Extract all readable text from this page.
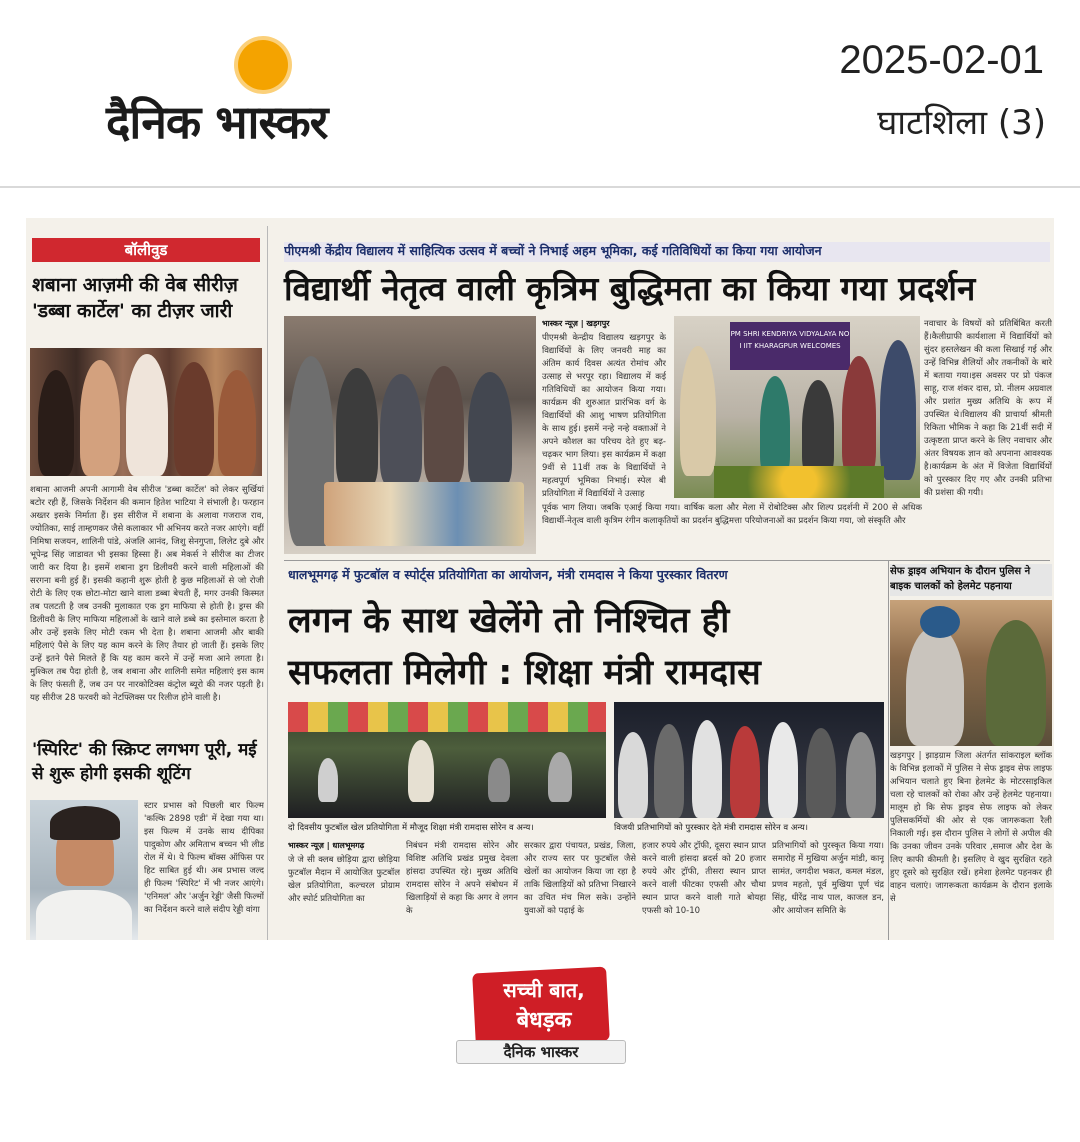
दैनिक भास्कर
2025-02-01
घाटशिला (3)
बॉलीवुड
शबाना आज़मी की वेब सीरीज़ 'डब्बा कार्टेल' का टीज़र जारी
शबाना आजमी अपनी आगामी वेब सीरीज 'डब्बा कार्टेल' को लेकर सुर्खियां बटोर रही हैं, जिसके निर्देशन की कमान हितेश भाटिया ने संभाली है। फरहान अख्तर इसके निर्माता हैं। इस सीरीज में शबाना के अलावा गजराज राव, ज्योतिका, साई ताम्हणकर जैसे कलाकार भी अभिनय करते नजर आएंगे। वहीं निमिषा सजयन, शालिनी पांडे, अंजलि आनंद, जिशु सेनगुप्ता, लिलेट दुबे और भूपेन्द्र सिंह जाडावत भी इसका हिस्सा हैं। अब मेकर्स ने सीरीज का टीजर जारी कर दिया है। इसमें शबाना ड्रग डिलीवरी करने वाली महिलाओं की सरगना बनी हुई हैं। इसकी कहानी शुरू होती है कुछ महिलाओं से जो रोजी रोटी के लिए एक छोटा-मोटा खाने वाला डब्बा बेचती हैं, मगर उनकी किस्मत तब पलटती है जब उनकी मुलाकात एक ड्रग माफिया से होती है। ड्रग्स की डिलीवरी के लिए माफिया महिलाओं के खाने वाले डब्बे का इस्तेमाल करता है और उन्हें इसके लिए मोटी रकम भी देता है। शबाना आजमी और बाकी महिलाएं पैसे के लिए यह काम करने के लिए तैयार हो जाती हैं। इसके लिए उन्हें इतने पैसे मिलते हैं कि यह काम करने में उन्हें मजा आने लगता है। मुश्किल तब पैदा होती है, जब शबाना और शालिनी समेत महिलाएं इस काम के लिए फंसती हैं, जब उन पर नारकोटिक्स कंट्रोल ब्यूरो की नजर पड़ती है। यह सीरीज 28 फरवरी को नेटफ्लिक्स पर रिलीज होने वाली है।
'स्पिरिट' की स्क्रिप्ट लगभग पूरी, मई से शुरू होगी इसकी शूटिंग
स्टार प्रभास को पिछली बार फिल्म 'कल्कि 2898 एडी' में देखा गया था। इस फिल्म में उनके साथ दीपिका पादुकोण और अमिताभ बच्चन भी लीड रोल में थे। ये फिल्म बॉक्स ऑफिस पर हिट साबित हुई थी। अब प्रभास जल्द ही फिल्म 'स्पिरिट' में भी नजर आएंगे। 'एनिमल' और 'अर्जुन रेड्डी' जैसी फिल्मों का निर्देशन करने वाले संदीप रेड्डी वांगा
पीएमश्री केंद्रीय विद्यालय में साहित्यिक उत्सव में बच्चों ने निभाई अहम भूमिका, कई गतिविधियों का किया गया आयोजन
विद्यार्थी नेतृत्व वाली कृत्रिम बुद्धिमता का किया गया प्रदर्शन
भास्कर न्यूज़ | खड़गपुर
पीएमश्री केन्द्रीय विद्यालय खड़गपुर के विद्यार्थियों के लिए जनवरी माह का अंतिम कार्य दिवस अत्यंत रोमांच और उत्साह से भरपूर रहा। विद्यालय में कई गतिविधियों का आयोजन किया गया। कार्यक्रम की शुरुआत प्रारंभिक वर्ग के विद्यार्थियों की आशु भाषण प्रतियोगिता के साथ हुई। इसमें नन्हे नन्हे वक्ताओं ने अपने कौशल का परिचय देते हुए बढ़-चढ़कर भाग लिया। इस कार्यक्रम में कक्षा 9वीं से 11वीं तक के विद्यार्थियों ने महत्वपूर्ण भूमिका निभाई। स्पेल बी प्रतियोगिता में विद्यार्थियों ने उत्साह
PM SHRI KENDRIYA VIDYALAYA NO I IIT KHARAGPUR WELCOMES
पूर्वक भाग लिया। जबकि एआई किया गया। वार्षिक कला और मेला में रोबोटिक्स और शिल्प प्रदर्शनी में 200 से अधिक विद्यार्थी-नेतृत्व वाली कृत्रिम रंगीन कलाकृतियों का प्रदर्शन बुद्धिमत्ता परियोजनाओं का प्रदर्शन किया गया, जो संस्कृति और
नवाचार के विषयों को प्रतिबिंबित करती हैं।कैलीग्राफी कार्यशाला में विद्यार्थियों को सुंदर हस्तलेखन की कला सिखाई गई और उन्हें विभिन्न शैलियों और तकनीकों के बारे में बताया गया।इस अवसर पर प्रो पंकज साहू, राज शंकर दास, प्रो. नीलम अग्रवाल और प्रशांत मुख्य अतिथि के रूप में उपस्थित थे।विद्यालय की प्राचार्या श्रीमती रिकिता भौमिक ने कहा कि 21वीं सदी में उत्कृष्टता प्राप्त करने के लिए नवाचार और अंतर विषयक ज्ञान को अपनाना आवश्यक है।कार्यक्रम के अंत में विजेता विद्यार्थियों को पुरस्कार दिए गए और उनकी प्रतिभा की प्रशंसा की गयी।
धालभूमगढ़ में फुटबॉल व स्पोर्ट्स प्रतियोगिता का आयोजन, मंत्री रामदास ने किया पुरस्कार वितरण
लगन के साथ खेलेंगे तो निश्चित ही
सफलता मिलेगी : शिक्षा मंत्री रामदास
दो दिवसीय फुटबॉल खेल प्रतियोगिता में मौजूद शिक्षा मंत्री रामदास सोरेन व अन्य।	विजयी प्रतिभागियों को पुरस्कार देते मंत्री रामदास सोरेन व अन्य।
भास्कर न्यूज़ | धालभूमगढ़
जे जे सी क्लब छोड़िया द्वारा छोड़िया फुटबॉल मैदान में आयोजित फुटबॉल खेल प्रतियोगिता, कल्चरल प्रोग्राम और स्पोर्ट प्रतियोगिता का
निबंधन मंत्री रामदास सोरेन और विशिष्ट अतिथि प्रखंड प्रमुख देवला हांसदा उपस्थित रहे। मुख्य अतिथि रामदास सोरेन ने अपने संबोधन में खिलाड़ियों से कहा कि अगर वे लगन के
सरकार द्वारा पंचायत, प्रखंड, जिला, और राज्य स्तर पर फुटबॉल जैसे खेलों का आयोजन किया जा रहा है ताकि खिलाड़ियों को प्रतिभा निखारने का उचित मंच मिल सके। उन्होंने युवाओं को पढ़ाई के
हजार रुपये और ट्रॉफी, दूसरा स्थान प्राप्त करने वाली हांसदा ब्रदर्स को 20 हजार रुपये और ट्रॉफी, तीसरा स्थान प्राप्त करने वाली फीटका एफसी और चौथा स्थान प्राप्त करने वाली गाते बोयहा एफसी को 10-10
प्रतिभागियों को पुरस्कृत किया गया। समारोह में मुखिया अर्जुन मांडी, कानू सामंत, जगदीश भकत, कमल मंडल, प्रणव महतो, पूर्व मुखिया पूर्ण चंद्र सिंह, धीरेंद्र नाथ पाल, काजल डन, और आयोजन समिति के
सेफ ड्राइव अभियान के दौरान पुलिस ने बाइक चालकों को हेलमेट पहनाया
खड़गपुर | झाड़ग्राम जिला अंतर्गत सांकराइल ब्लॉक के विभिन्न इलाकों में पुलिस ने सेफ ड्राइव सेफ लाइफ अभियान चलाते हुए बिना हेलमेट के मोटरसाइकिल चला रहे चालकों को रोका और उन्हें हेलमेट पहनाया। मालूम हो कि सेफ ड्राइव सेफ लाइफ को लेकर पुलिसकर्मियों की ओर से एक जागरूकता रैली निकाली गई। इस दौरान पुलिस ने लोगों से अपील की कि उनका जीवन उनके परिवार ,समाज और देश के लिए काफी कीमती है। इसलिए वे खुद सुरक्षित रहते हुए दूसरे को सुरक्षित रखें। हमेशा हेलमेट पहनकर ही वाहन चलाएं। जागरूकता कार्यक्रम के दौरान इलाके से
सच्ची बात,
बेधड़क
दैनिक भास्कर
